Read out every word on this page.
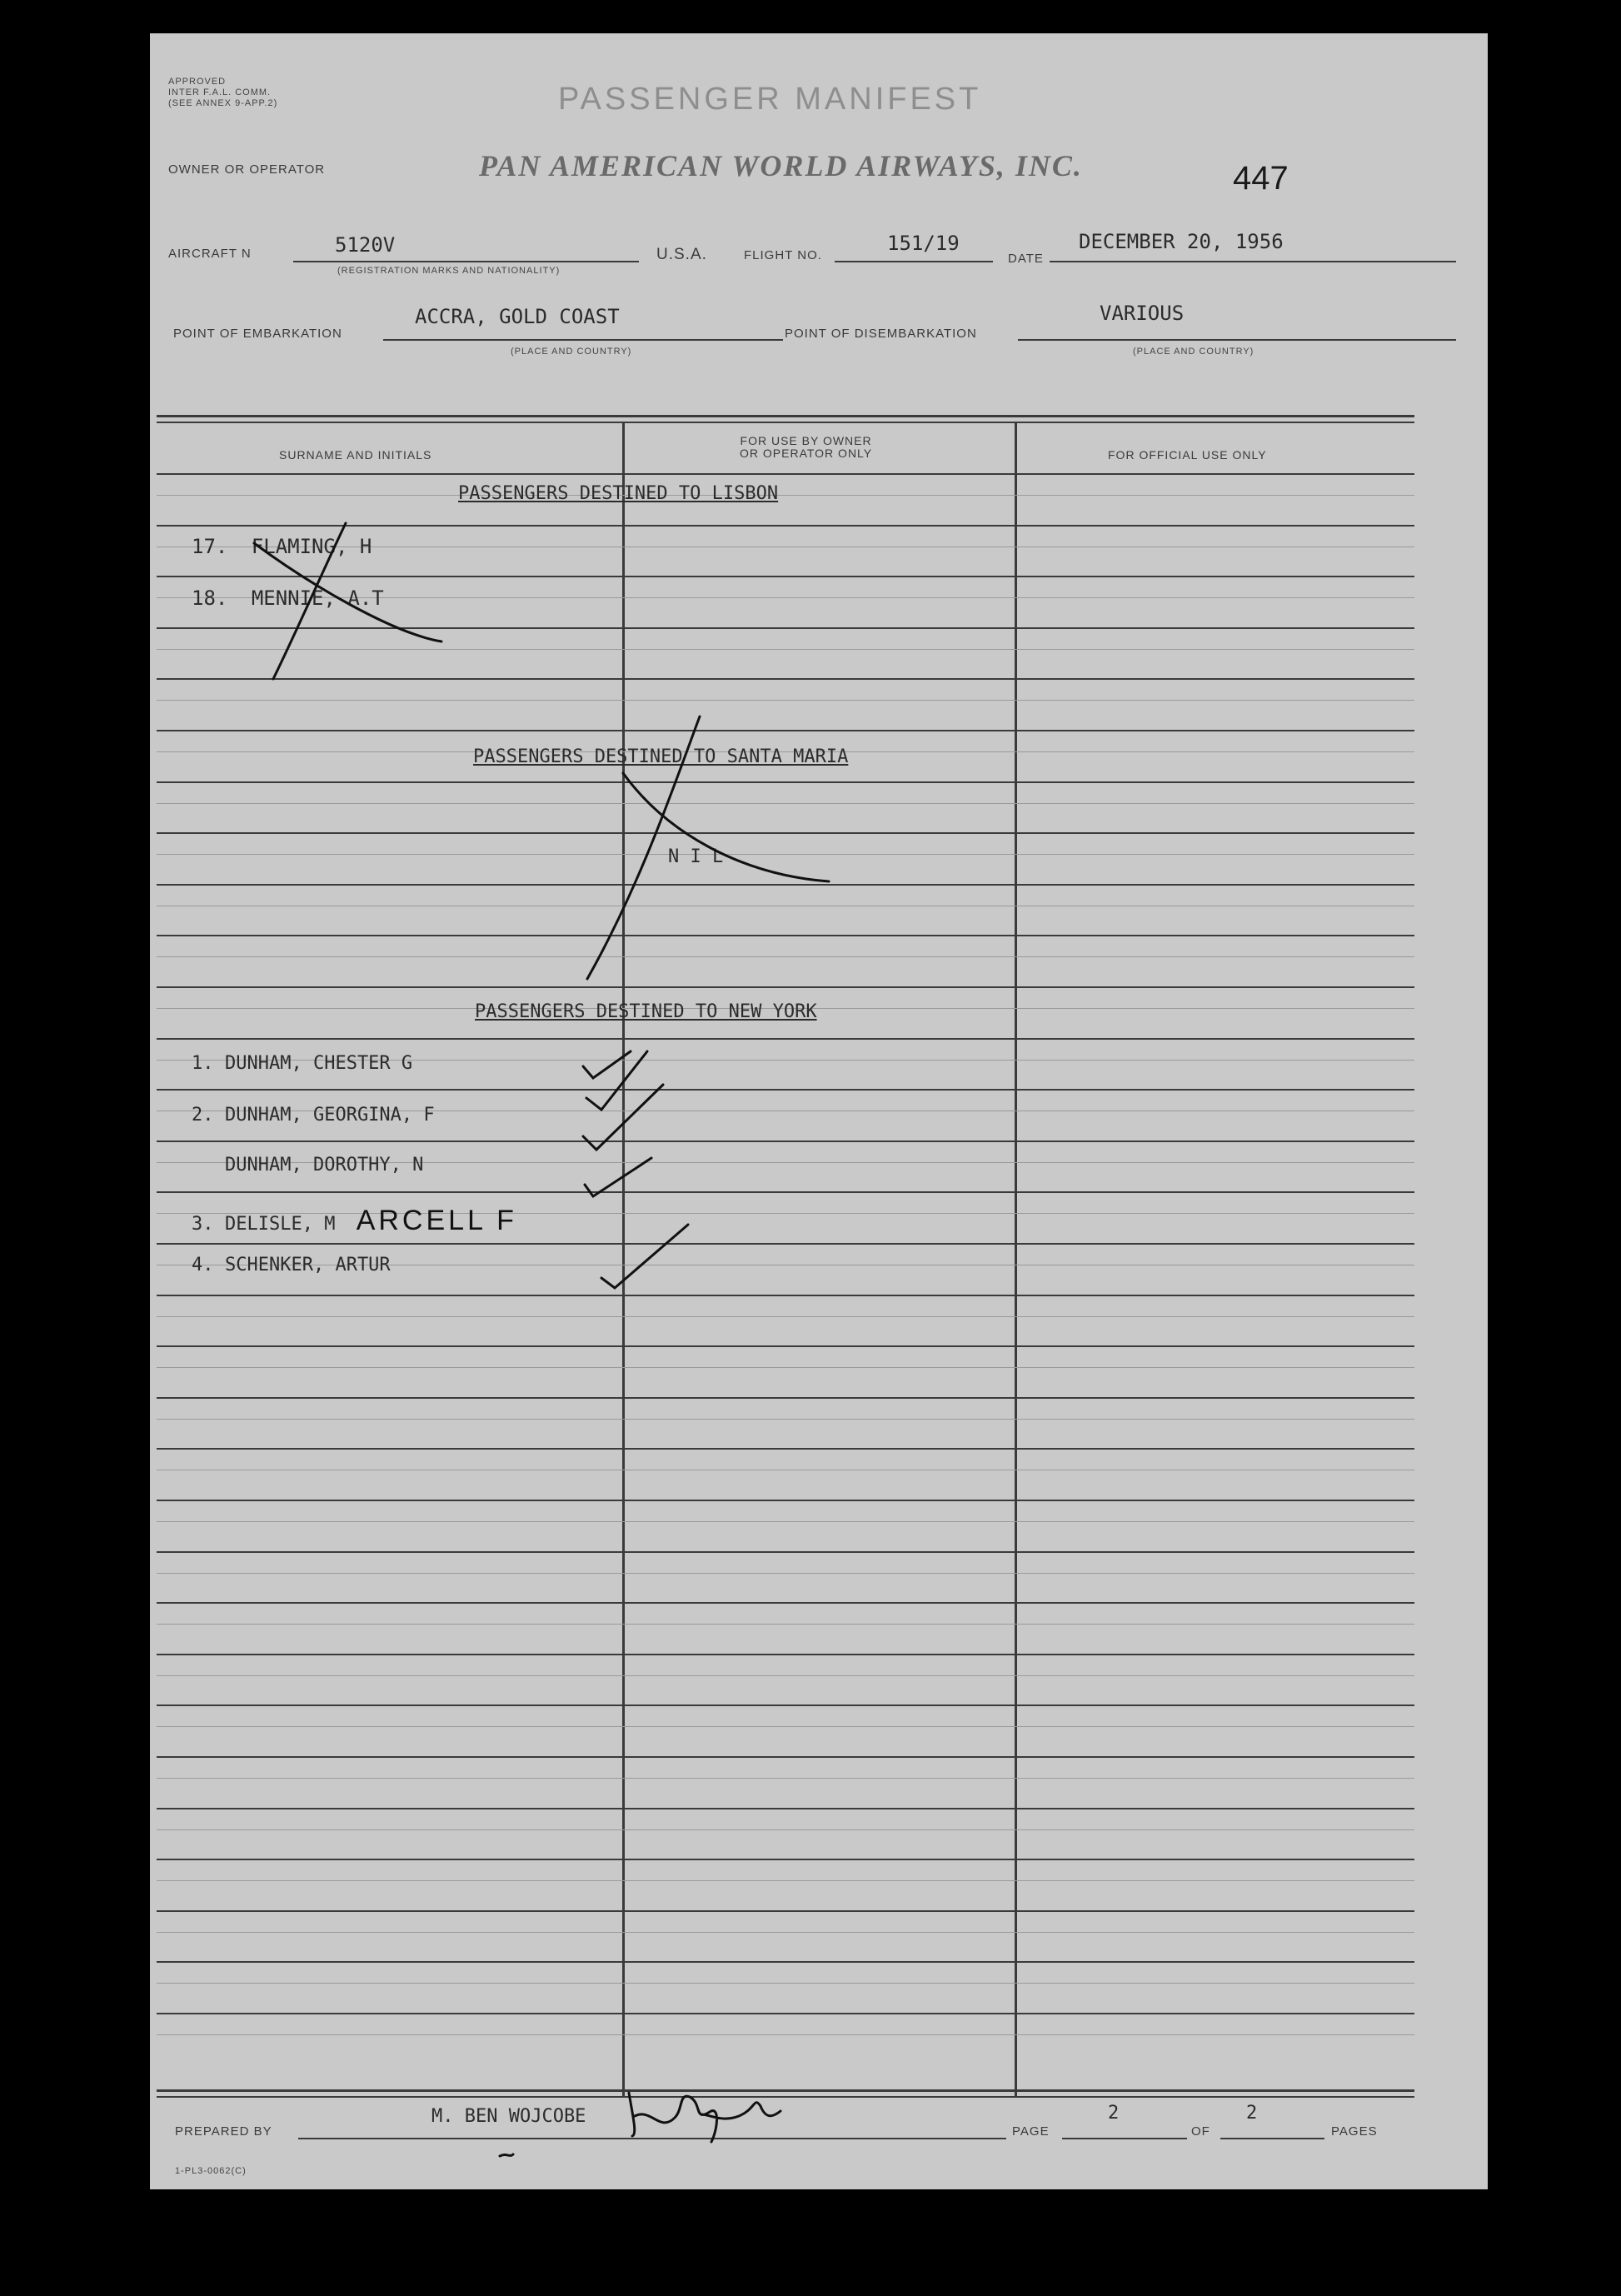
APPROVED
INTER F.A.L. COMM.
(SEE ANNEX 9-APP.2)	PASSENGER MANIFEST
OWNER OR OPERATOR	PAN AMERICAN WORLD AIRWAYS, INC.	447
AIRCRAFT N	5120V
(REGISTRATION MARKS AND NATIONALITY)
U.S.A.	FLIGHT NO.
151/19
DATE
DECEMBER 20, 1956
POINT OF EMBARKATION
ACCRA, GOLD COAST
(PLACE AND COUNTRY)
POINT OF DISEMBARKATION
VARIOUS
(PLACE AND COUNTRY)
SURNAME AND INITIALS
FOR USE BY OWNER
OR OPERATOR ONLY	FOR OFFICIAL USE ONLY
PASSENGERS DESTINED TO LISBON
17. FLAMING, H
18. MENNIE, A.T
PASSENGERS DESTINED TO SANTA MARIA
N I L
PASSENGERS DESTINED TO NEW YORK
1. DUNHAM, CHESTER G
2. DUNHAM, GEORGINA, F
DUNHAM, DOROTHY, N
3. DELISLE, M ARCELL F
4. SCHENKER, ARTUR
PREPARED BY
M. BEN WOJCOBE
PAGE
2
OF
2
PAGES
1-PL3-0062(C)
